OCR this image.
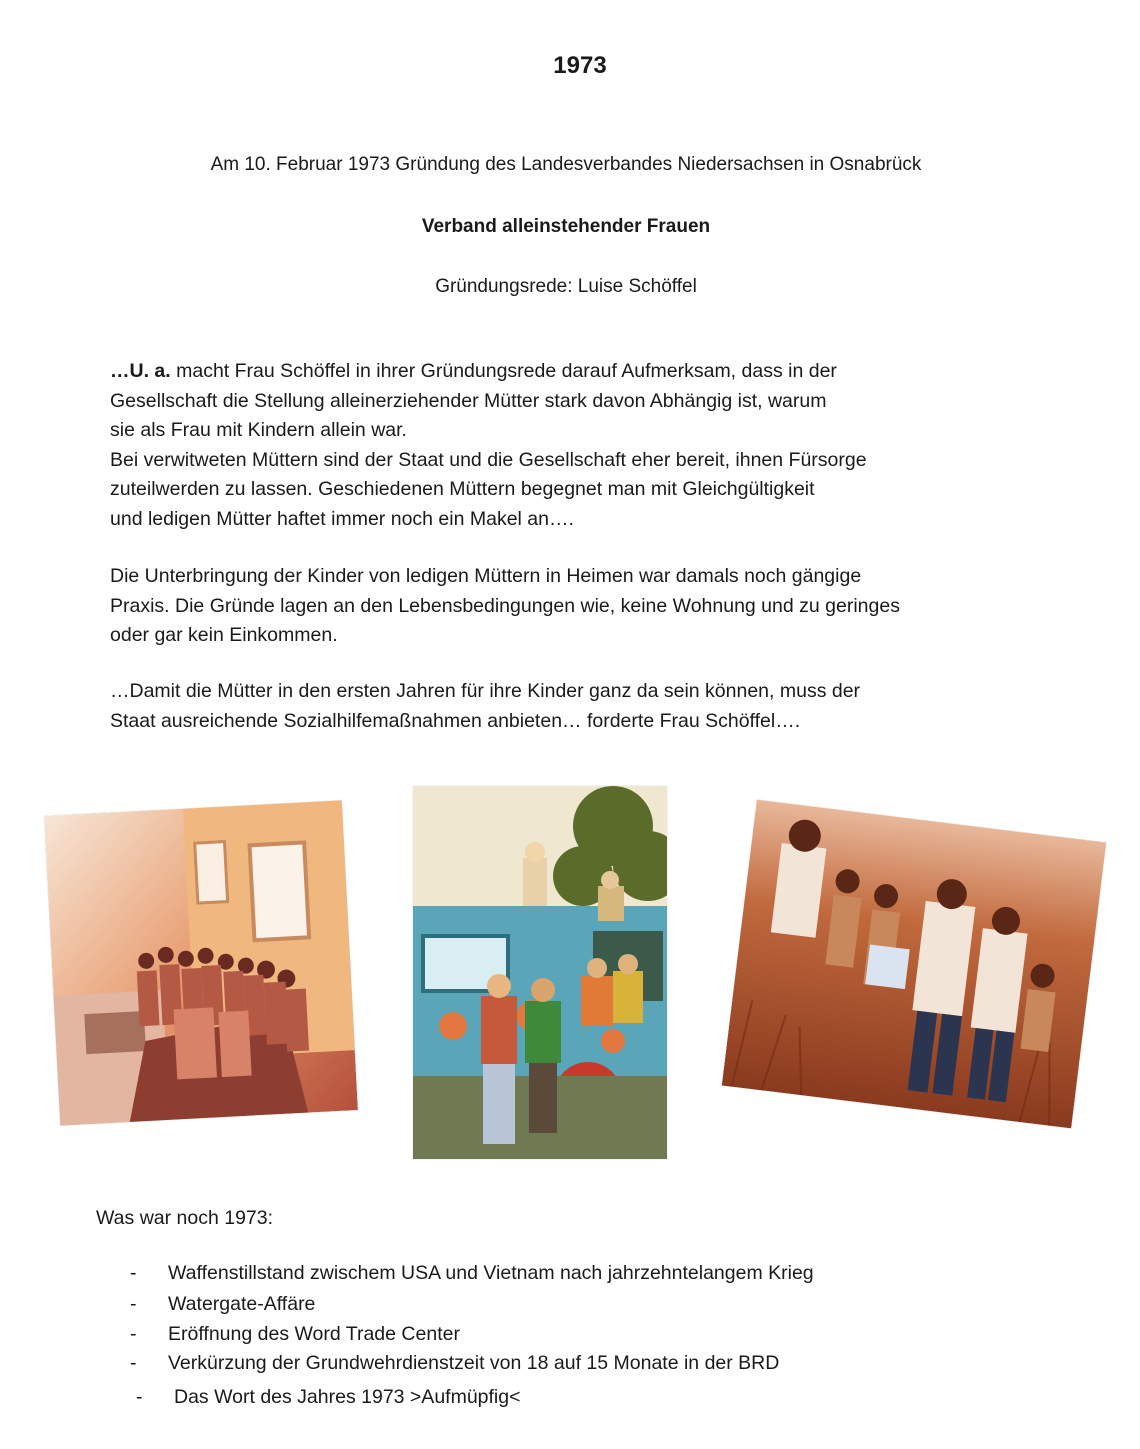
1973
Am 10. Februar 1973 Gründung des Landesverbandes Niedersachsen in Osnabrück
Verband alleinstehender Frauen
Gründungsrede: Luise Schöffel
…U. a. macht Frau Schöffel in ihrer Gründungsrede darauf Aufmerksam, dass in der
Gesellschaft die Stellung alleinerziehender Mütter stark davon Abhängig ist, warum
sie als Frau mit Kindern allein war.
Bei verwitweten Müttern sind der Staat und die Gesellschaft eher bereit, ihnen Fürsorge
zuteilwerden zu lassen. Geschiedenen Müttern begegnet man mit Gleichgültigkeit
und ledigen Mütter haftet immer noch ein Makel an….
Die Unterbringung der Kinder von ledigen Müttern in Heimen war damals noch gängige
Praxis. Die Gründe lagen an den Lebensbedingungen wie, keine Wohnung und zu geringes
oder gar kein Einkommen.
…Damit die Mütter in den ersten Jahren für ihre Kinder ganz da sein können, muss der
Staat ausreichende Sozialhilfemaßnahmen anbieten… forderte Frau Schöffel….
Was war noch 1973:
- Waffenstillstand zwischem USA und Vietnam nach jahrzehntelangem Krieg
- Watergate-Affäre
- Eröffnung des Word Trade Center
- Verkürzung der Grundwehrdienstzeit von 18 auf 15 Monate in der BRD
- Das Wort des Jahres 1973 >Aufmüpfig<
